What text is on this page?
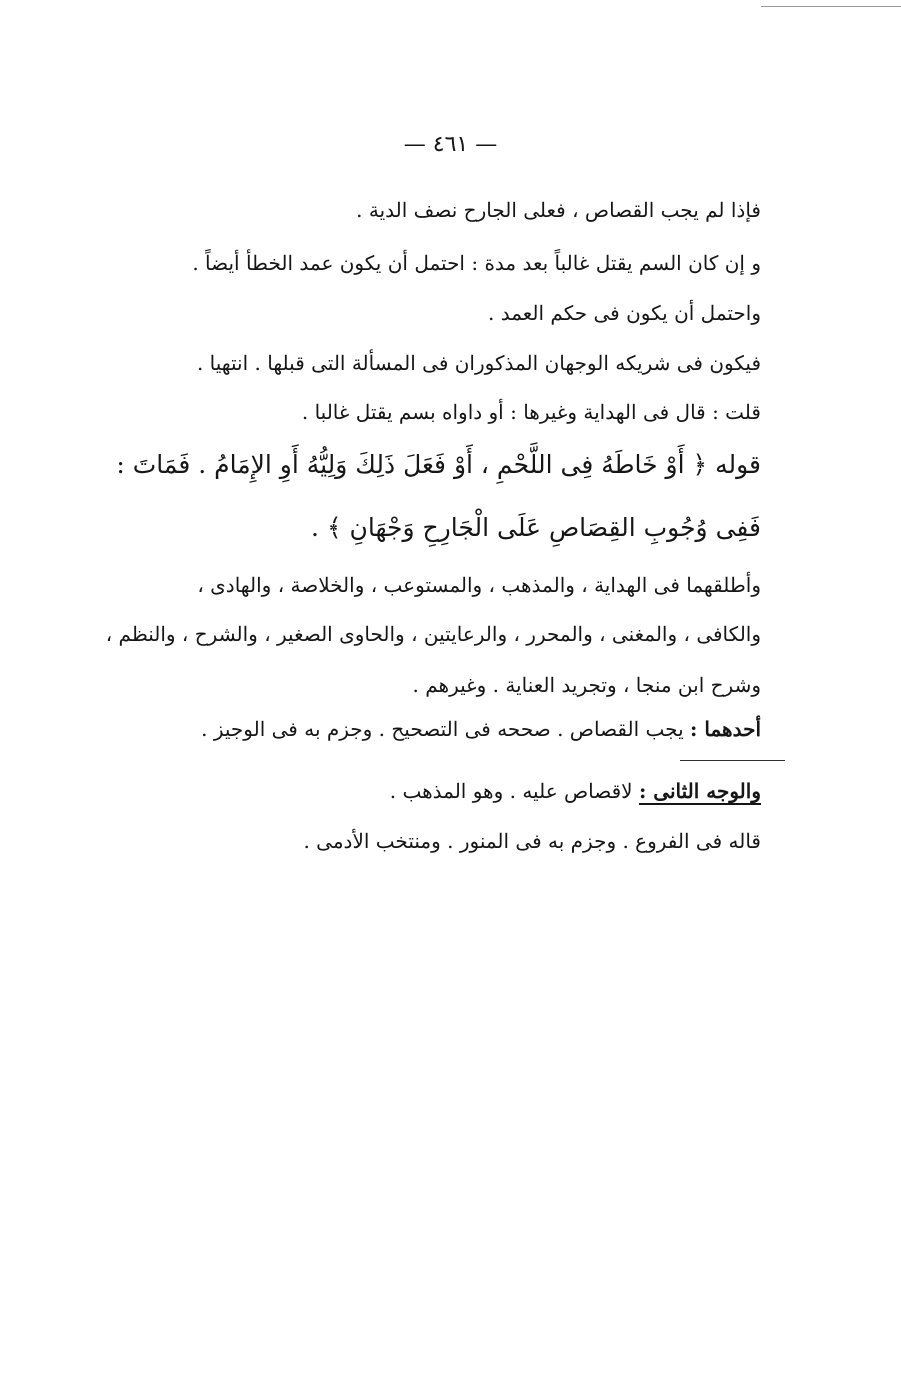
— ٤٦١ —
فإذا لم يجب القصاص ، فعلى الجارح نصف الدية .
و إن كان السم يقتل غالباً بعد مدة : احتمل أن يكون عمد الخطأ أيضاً .
واحتمل أن يكون فى حكم العمد .
فيكون فى شريكه الوجهان المذكوران فى المسألة التى قبلها . انتهيا .
قلت : قال فى الهداية وغيرها : أو داواه بسم يقتل غالبا .
قوله ﴿ أَوْ خَاطَهُ فِى اللَّحْمِ ، أَوْ فَعَلَ ذَلِكَ وَلِيُّهُ أَوِ الإِمَامُ . فَمَاتَ :
فَفِى وُجُوبِ القِصَاصِ عَلَى الْجَارِحِ وَجْهَانِ ﴾ .
وأطلقهما فى الهداية ، والمذهب ، والمستوعب ، والخلاصة ، والهادى ،
والكافى ، والمغنى ، والمحرر ، والرعايتين ، والحاوى الصغير ، والشرح ، والنظم ،
وشرح ابن منجا ، وتجريد العناية . وغيرهم .
أحدهما : يجب القصاص . صححه فى التصحيح . وجزم به فى الوجيز .
والوجه الثانى : لاقصاص عليه . وهو المذهب .
قاله فى الفروع . وجزم به فى المنور . ومنتخب الأدمى .
